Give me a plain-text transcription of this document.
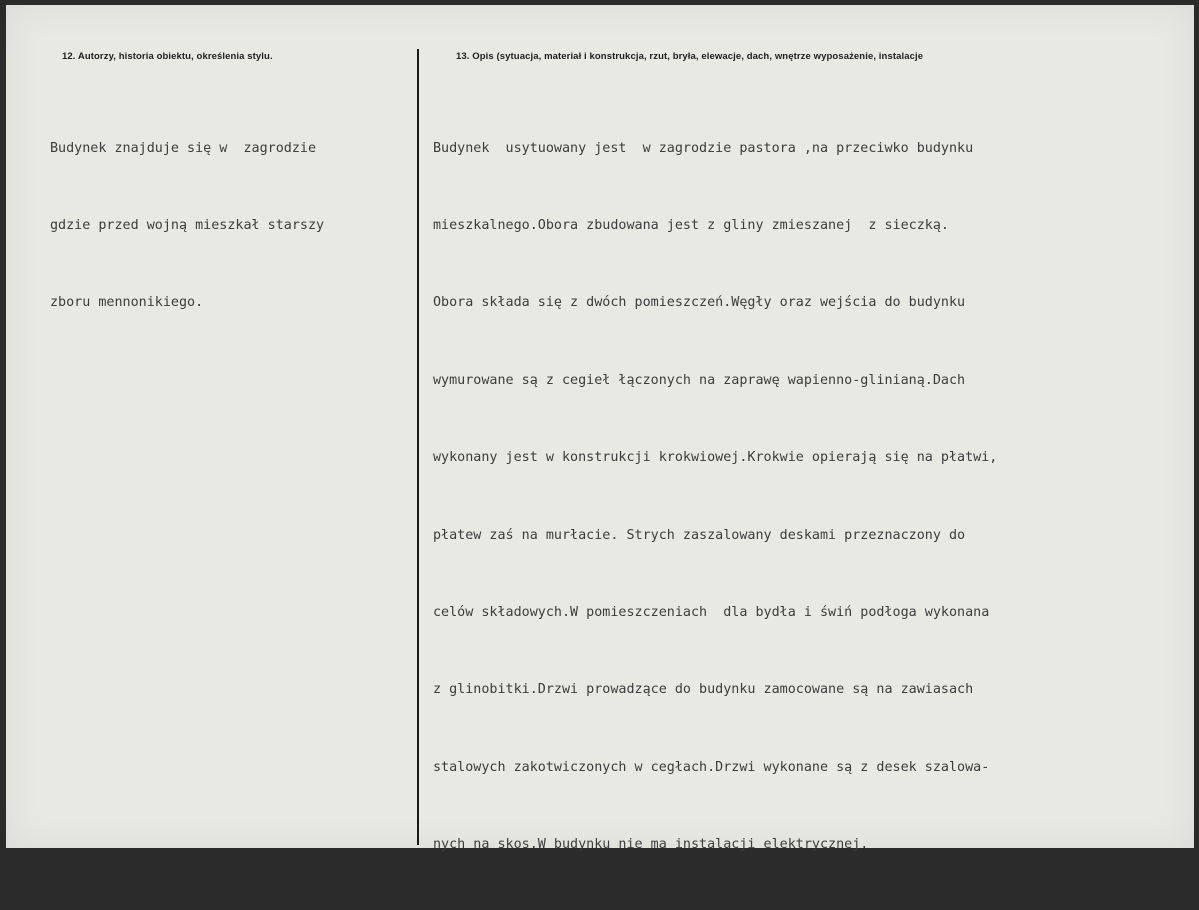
12. Autorzy, historia obiektu, określenia stylu.	13. Opis (sytuacja, materiał i konstrukcja, rzut, bryła, elewacje, dach, wnętrze wyposażenie, instalacje

Budynek znajduje się w  zagrodzie

gdzie przed wojną mieszkał starszy

zboru mennonikiego.

Budynek  usytuowany jest  w zagrodzie pastora ,na przeciwko budynku

mieszkalnego.Obora zbudowana jest z gliny zmieszanej  z sieczką.

Obora składa się z dwóch pomieszczeń.Węgły oraz wejścia do budynku

wymurowane są z cegieł łączonych na zaprawę wapienno-glinianą.Dach

wykonany jest w konstrukcji krokwiowej.Krokwie opierają się na płatwi,

płatew zaś na murłacie. Strych zaszalowany deskami przeznaczony do

celów składowych.W pomieszczeniach  dla bydła i świń podłoga wykonana

z glinobitki.Drzwi prowadzące do budynku zamocowane są na zawiasach

stalowych zakotwiczonych w cegłach.Drzwi wykonane są z desek szalowa-

nych na skos.W budynku nie ma instalacji elektrycznej.
